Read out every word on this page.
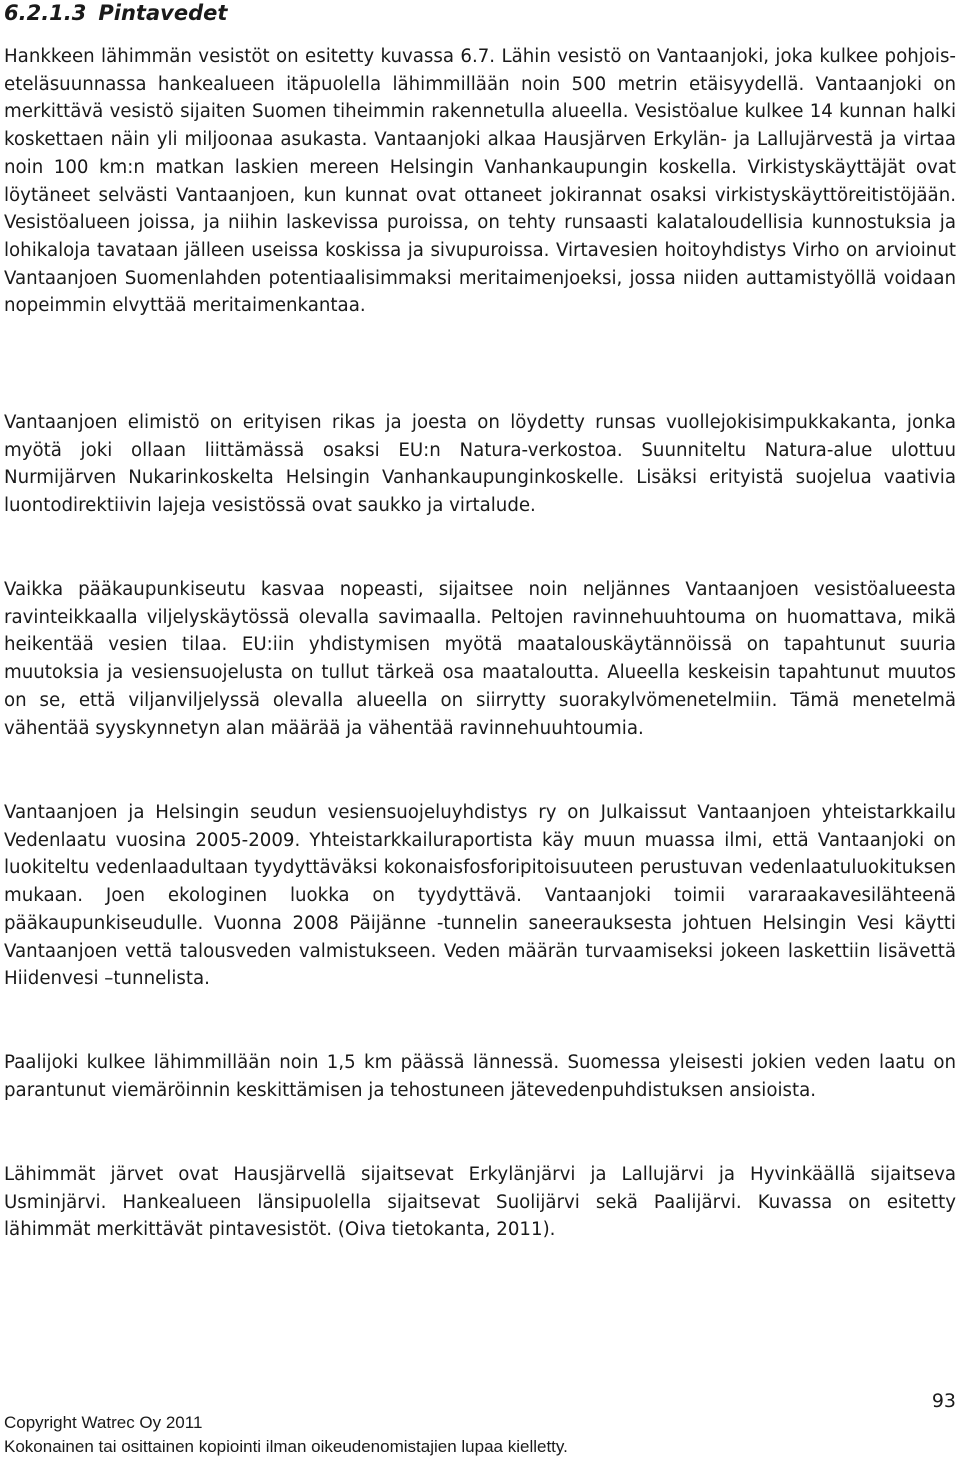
6.2.1.3 Pintavedet

Hankkeen lähimmän vesistöt on esitetty kuvassa 6.7. Lähin vesistö on Vantaanjoki, joka kulkee pohjois-eteläsuunnassa hankealueen itäpuolella lähimmillään noin 500 metrin etäisyydellä. Vantaanjoki on merkittävä vesistö sijaiten Suomen tiheimmin rakennetulla alueella. Vesistöalue kulkee 14 kunnan halki koskettaen näin yli miljoonaa asukasta. Vantaanjoki alkaa Hausjärven Erkylän- ja Lallujärvestä ja virtaa noin 100 km:n matkan laskien mereen Helsingin Vanhankaupungin koskella. Virkistyskäyttäjät ovat löytäneet selvästi Vantaanjoen, kun kunnat ovat ottaneet jokirannat osaksi virkistyskäyttöreitistöjään. Vesistöalueen joissa, ja niihin laskevissa puroissa, on tehty runsaasti kalataloudellisia kunnostuksia ja lohikaloja tavataan jälleen useissa koskissa ja sivupuroissa. Virtavesien hoitoyhdistys Virho on arvioinut Vantaanjoen Suomenlahden potentiaalisimmaksi meritaimenjoeksi, jossa niiden auttamistyöllä voidaan nopeimmin elvyttää meritaimenkantaa.

Vantaanjoen elimistö on erityisen rikas ja joesta on löydetty runsas vuollejokisimpukkakanta, jonka myötä joki ollaan liittämässä osaksi EU:n Natura-verkostoa. Suunniteltu Natura-alue ulottuu Nurmijärven Nukarinkoskelta Helsingin Vanhankaupunginkoskelle. Lisäksi erityistä suojelua vaativia luontodirektiivin lajeja vesistössä ovat saukko ja virtalude.

Vaikka pääkaupunkiseutu kasvaa nopeasti, sijaitsee noin neljännes Vantaanjoen vesistöalueesta ravinteikkaalla viljelyskäytössä olevalla savimaalla. Peltojen ravinnehuuhtouma on huomattava, mikä heikentää vesien tilaa. EU:iin yhdistymisen myötä maatalouskäytännöissä on tapahtunut suuria muutoksia ja vesiensuojelusta on tullut tärkeä osa maataloutta. Alueella keskeisin tapahtunut muutos on se, että viljanviljelyssä olevalla alueella on siirrytty suorakylvömenetelmiin. Tämä menetelmä vähentää syyskynnetyn alan määrää ja vähentää ravinnehuuhtoumia.

Vantaanjoen ja Helsingin seudun vesiensuojeluyhdistys ry on Julkaissut Vantaanjoen yhteistarkkailu Vedenlaatu vuosina 2005-2009. Yhteistarkkailuraportista käy muun muassa ilmi, että Vantaanjoki on luokiteltu vedenlaadultaan tyydyttäväksi kokonaisfosforipitoisuuteen perustuvan vedenlaatuluokituksen mukaan. Joen ekologinen luokka on tyydyttävä. Vantaanjoki toimii vararaakavesilähteenä pääkaupunkiseudulle. Vuonna 2008 Päijänne -tunnelin saneerauksesta johtuen Helsingin Vesi käytti Vantaanjoen vettä talousveden valmistukseen. Veden määrän turvaamiseksi jokeen laskettiin lisävettä Hiidenvesi –tunnelista.

Paalijoki kulkee lähimmillään noin 1,5 km päässä lännessä. Suomessa yleisesti jokien veden laatu on parantunut viemäröinnin keskittämisen ja tehostuneen jätevedenpuhdistuksen ansioista.

Lähimmät järvet ovat Hausjärvellä sijaitsevat Erkylänjärvi ja Lallujärvi ja Hyvinkäällä sijaitseva Usminjärvi. Hankealueen länsipuolella sijaitsevat Suolijärvi sekä Paalijärvi. Kuvassa on esitetty lähimmät merkittävät pintavesistöt. (Oiva tietokanta, 2011).

93
Copyright Watrec Oy 2011
Kokonainen tai osittainen kopiointi ilman oikeudenomistajien lupaa kielletty.
